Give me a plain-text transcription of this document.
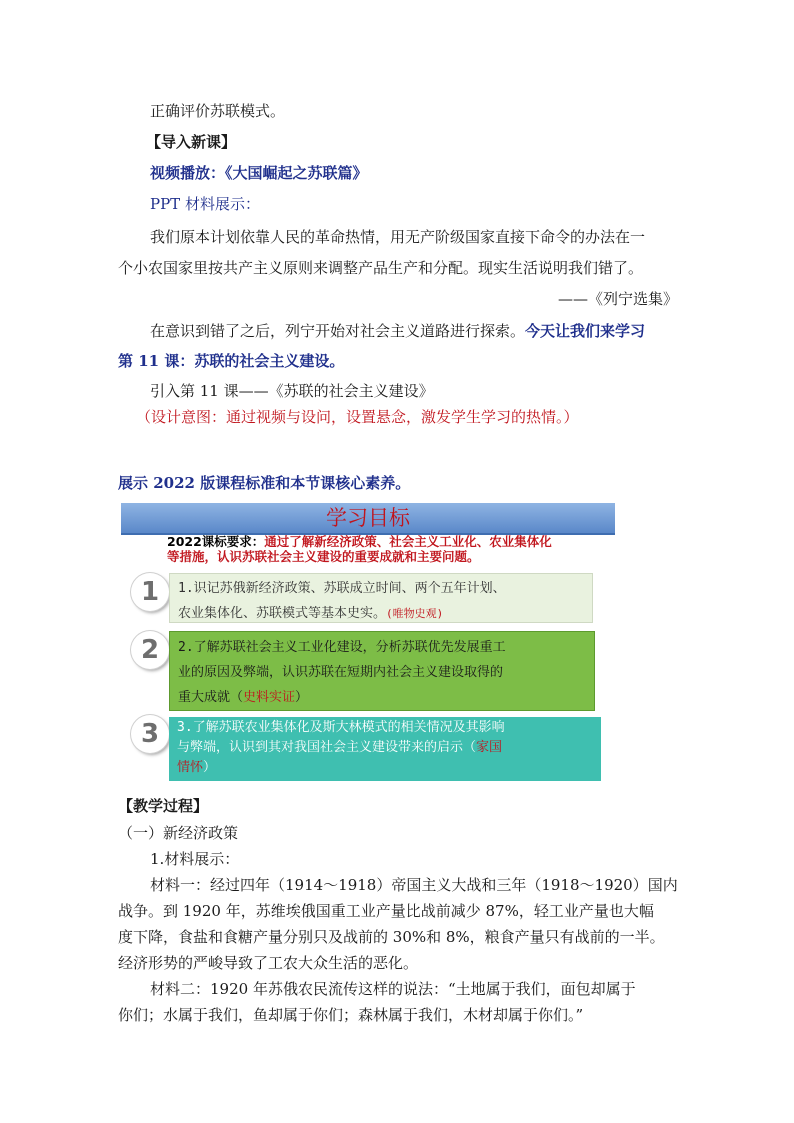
正确评价苏联模式。
【导入新课】
视频播放：《大国崛起之苏联篇》
PPT 材料展示：
我们原本计划依靠人民的革命热情，用无产阶级国家直接下命令的办法在一
个小农国家里按共产主义原则来调整产品生产和分配。现实生活说明我们错了。
——《列宁选集》
在意识到错了之后，列宁开始对社会主义道路进行探索。今天让我们来学习
第 11 课：苏联的社会主义建设。
引入第 11 课——《苏联的社会主义建设》
（设计意图：通过视频与设问，设置悬念，激发学生学习的热情。）
展示 2022 版课程标准和本节课核心素养。
学习目标
2022课标要求：通过了解新经济政策、社会主义工业化、农业集体化
等措施，认识苏联社会主义建设的重要成就和主要问题。
1	1.识记苏俄新经济政策、苏联成立时间、两个五年计划、
农业集体化、苏联模式等基本史实。(唯物史观)
2	2.了解苏联社会主义工业化建设，分析苏联优先发展重工
业的原因及弊端，认识苏联在短期内社会主义建设取得的
重大成就（史料实证）
3	3.了解苏联农业集体化及斯大林模式的相关情况及其影响
与弊端，认识到其对我国社会主义建设带来的启示（家国
情怀）
【教学过程】
（一）新经济政策
1.材料展示：
材料一：经过四年（1914～1918）帝国主义大战和三年（1918～1920）国内
战争。到 1920 年，苏维埃俄国重工业产量比战前减少 87%，轻工业产量也大幅
度下降，食盐和食糖产量分别只及战前的 30%和 8%，粮食产量只有战前的一半。
经济形势的严峻导致了工农大众生活的恶化。
材料二：1920 年苏俄农民流传这样的说法：“土地属于我们，面包却属于
你们；水属于我们，鱼却属于你们；森林属于我们，木材却属于你们。”
